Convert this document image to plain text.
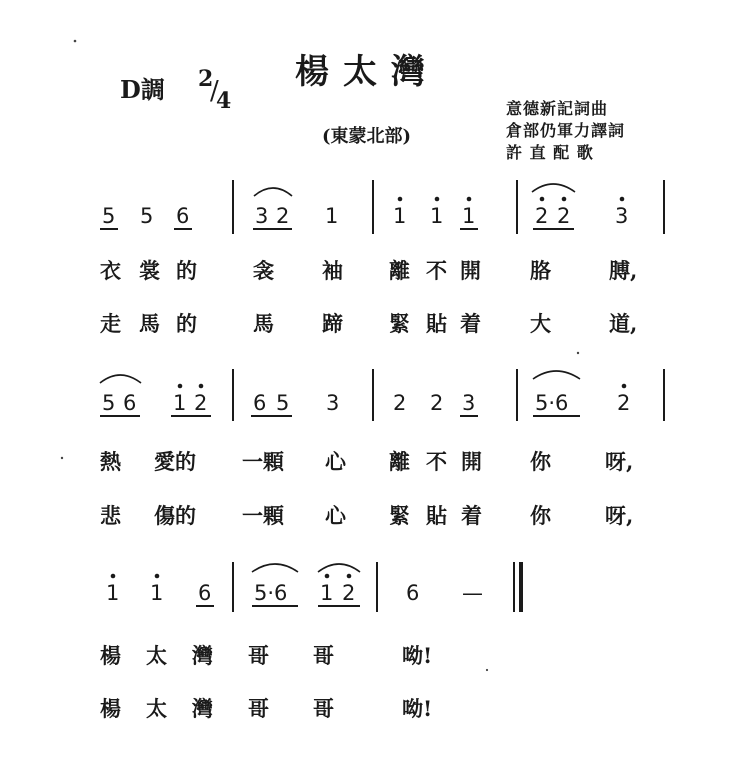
楊太灣
D調 2
/
4
(東蒙北部)
意德新記詞曲
倉部仍軍力譯詞
許 直 配 歌
5 5 6	3 2 1	1 1 1	2 2 3
衣 裳 的	衾 袖 離 不 開 胳	膊,
走 馬 的	馬 蹄 緊 貼 着 大	道,
5 6 1 2 6 5 3	2 2 3	5·6 2
熱 愛的 一顆 心 離 不 開 你	呀,
悲 傷的 一顆 心 緊 貼 着 你	呀,
1 1 6 5·6 1 2 6 —
楊 太 灣 哥 哥	呦!
楊 太 灣 哥 哥	呦!
